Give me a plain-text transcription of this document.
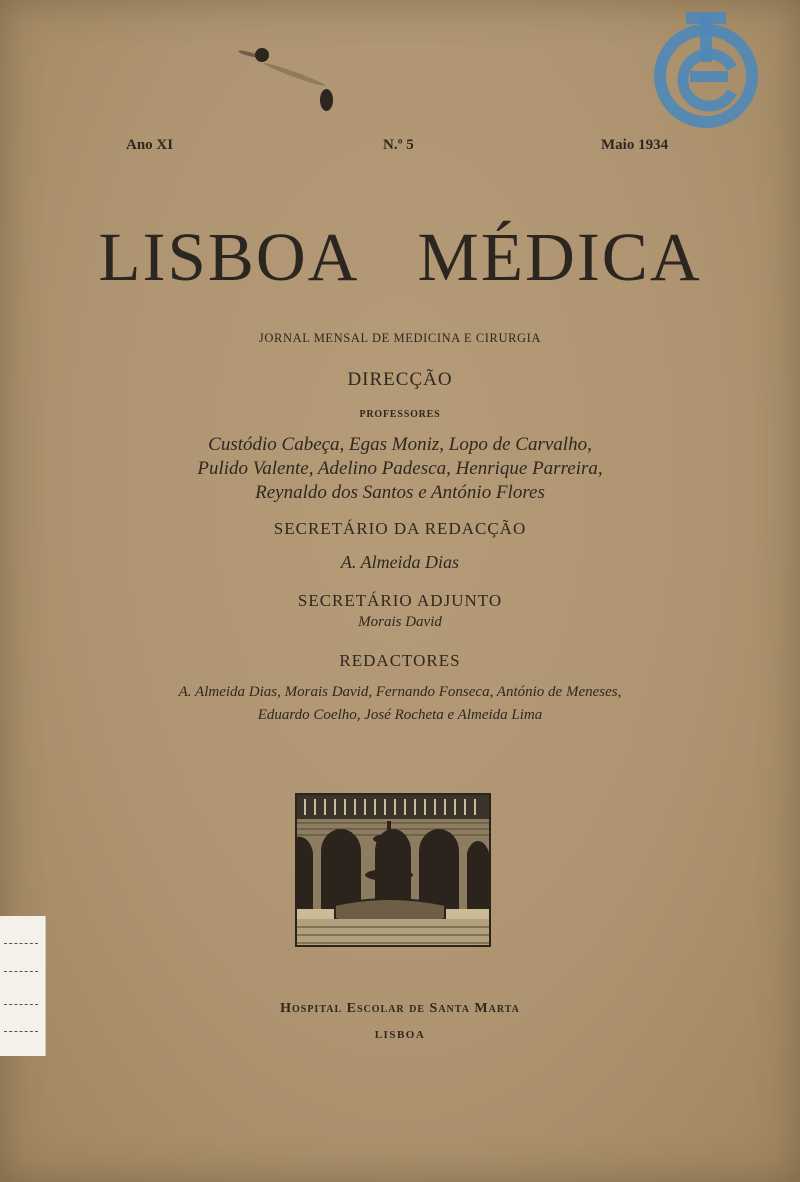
Ano XI	N.º 5	Maio 1934
LISBOA MÉDICA
JORNAL MENSAL DE MEDICINA E CIRURGIA
DIRECÇÃO
PROFESSORES
Custódio Cabeça, Egas Moniz, Lopo de Carvalho,
Pulido Valente, Adelino Padesca, Henrique Parreira,
Reynaldo dos Santos e António Flores
SECRETÁRIO DA REDACÇÃO
A. Almeida Dias
SECRETÁRIO ADJUNTO
Morais David
REDACTORES
A. Almeida Dias, Morais David, Fernando Fonseca, António de Meneses,
Eduardo Coelho, José Rocheta e Almeida Lima
Hospital Escolar de Santa Marta
LISBOA
